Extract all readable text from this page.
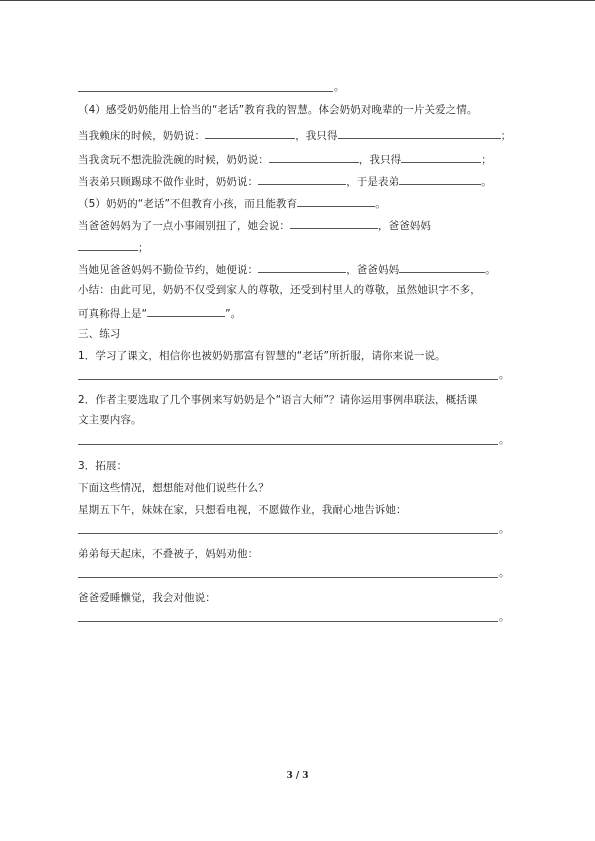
。
（4）感受奶奶能用上恰当的“老话”教育我的智慧。体会奶奶对晚辈的一片关爱之情。
当我赖床的时候，奶奶说：	，我只得	；
当我贪玩不想洗脸洗碗的时候，奶奶说：	，我只得	；
当表弟只顾踢球不做作业时，奶奶说：	，于是表弟	。
（5）奶奶的“老话”不但教育小孩，而且能教育	。
当爸爸妈妈为了一点小事闹别扭了，她会说：	，爸爸妈妈
；
当她见爸爸妈妈不勤俭节约，她便说：	，爸爸妈妈	。
小结：由此可见，奶奶不仅受到家人的尊敬，还受到村里人的尊敬，虽然她识字不多，
可真称得上是“	”。
三、练习
1．学习了课文，相信你也被奶奶那富有智慧的“老话”所折服，请你来说一说。
。
2．作者主要选取了几个事例来写奶奶是个“语言大师”？请你运用事例串联法，概括课
文主要内容。
。
3．拓展：
下面这些情况，想想能对他们说些什么？
星期五下午，妹妹在家，只想看电视，不愿做作业，我耐心地告诉她：
。
弟弟每天起床，不叠被子，妈妈劝他：
。
爸爸爱睡懒觉，我会对他说：
。
3 / 3
